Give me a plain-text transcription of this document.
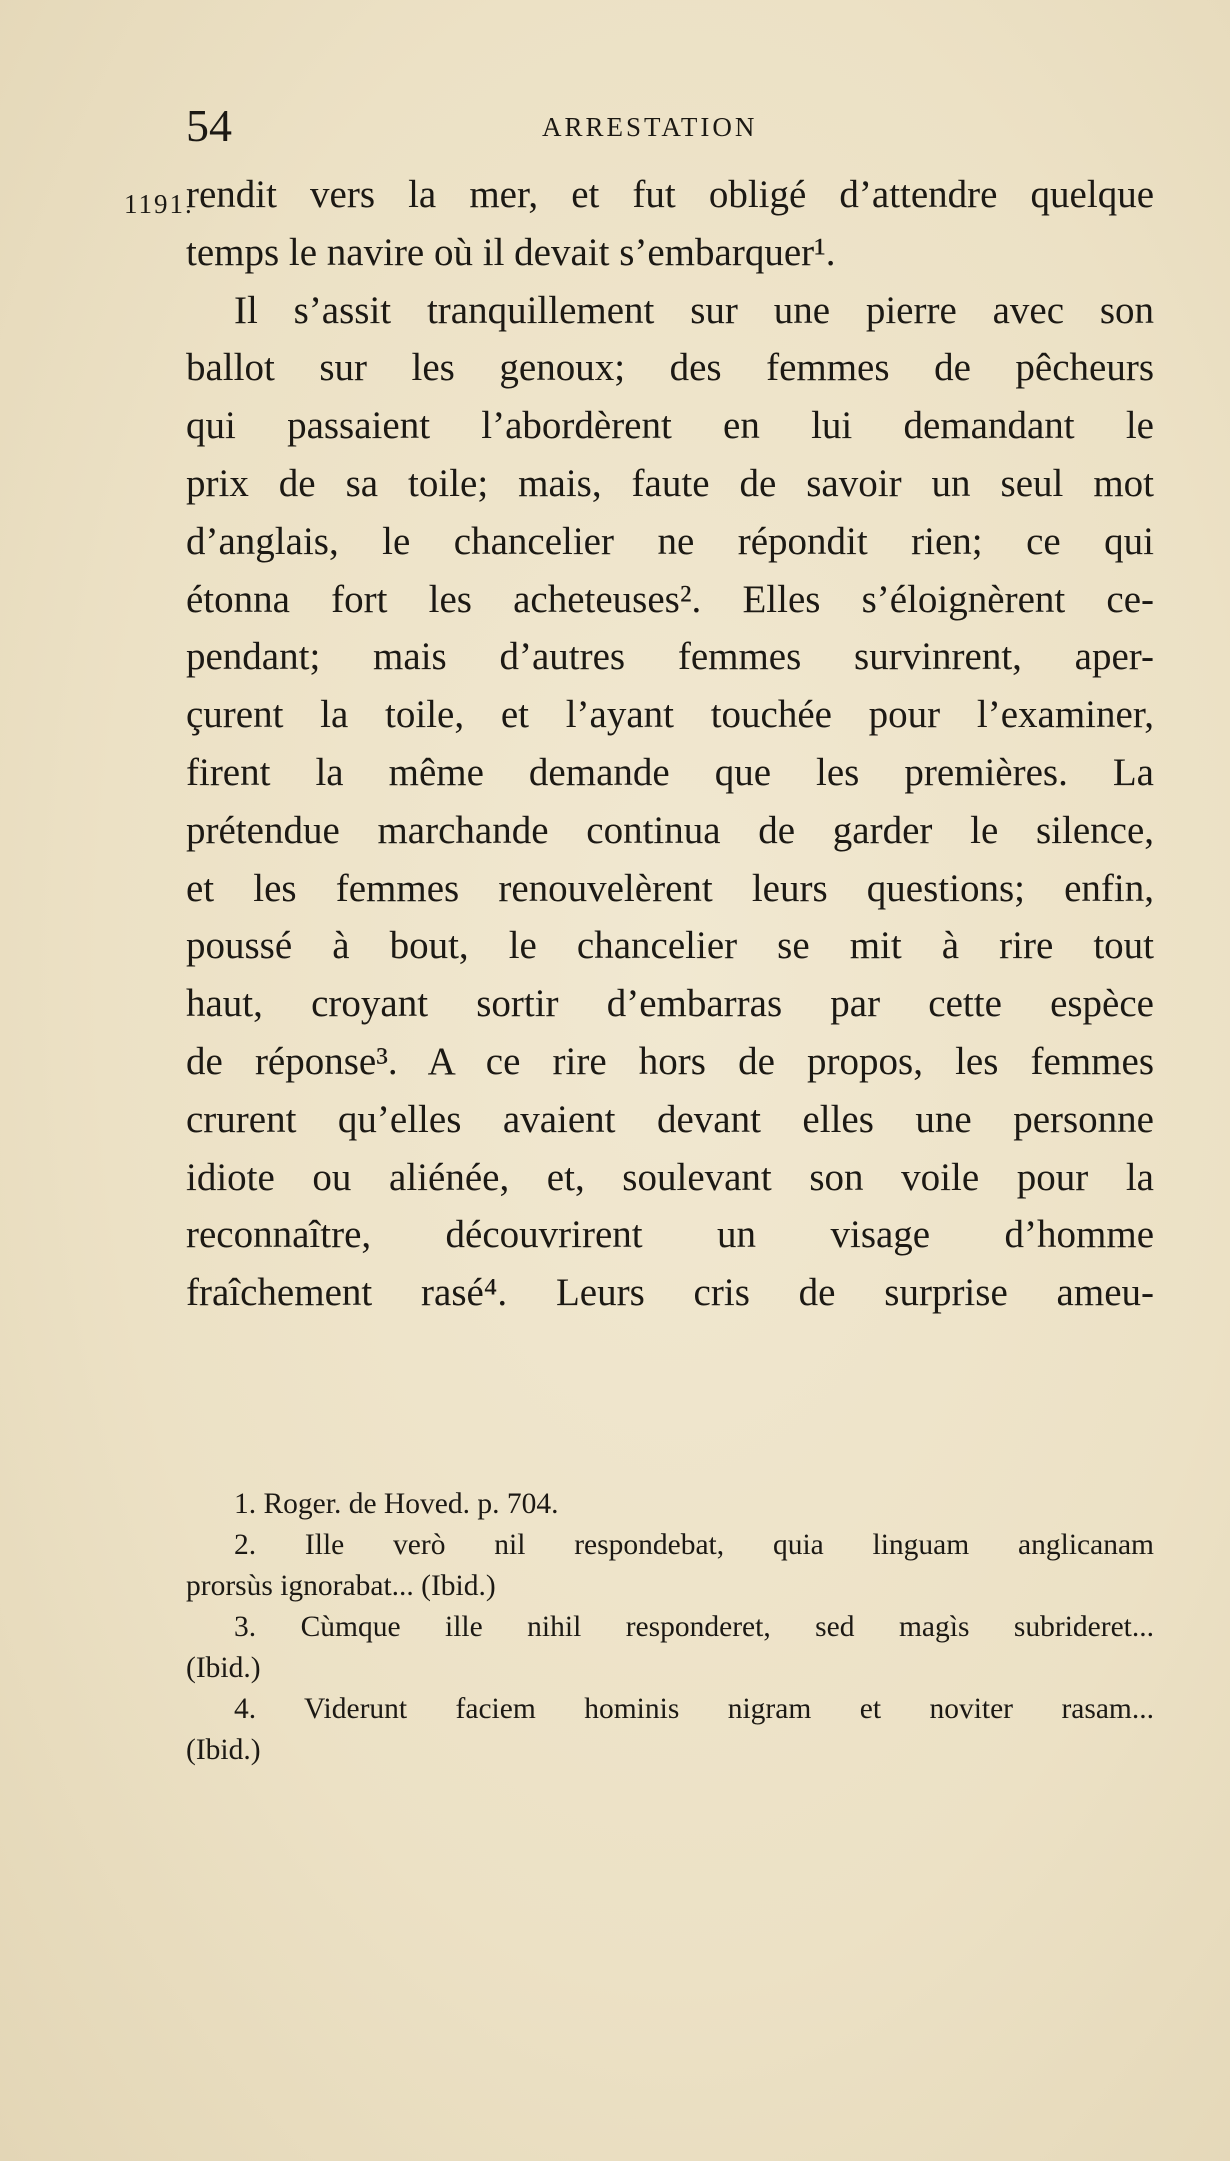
54	ARRESTATION
1191.
rendit vers la mer, et fut obligé d’attendre quelque
temps le navire où il devait s’embarquer¹.
Il s’assit tranquillement sur une pierre avec son
ballot sur les genoux; des femmes de pêcheurs
qui passaient l’abordèrent en lui demandant le
prix de sa toile; mais, faute de savoir un seul mot
d’anglais, le chancelier ne répondit rien; ce qui
étonna fort les acheteuses². Elles s’éloignèrent ce-
pendant; mais d’autres femmes survinrent, aper-
çurent la toile, et l’ayant touchée pour l’examiner,
firent la même demande que les premières. La
prétendue marchande continua de garder le silence,
et les femmes renouvelèrent leurs questions; enfin,
poussé à bout, le chancelier se mit à rire tout
haut, croyant sortir d’embarras par cette espèce
de réponse³. A ce rire hors de propos, les femmes
crurent qu’elles avaient devant elles une personne
idiote ou aliénée, et, soulevant son voile pour la
reconnaître, découvrirent un visage d’homme
fraîchement rasé⁴. Leurs cris de surprise ameu-
1. Roger. de Hoved. p. 704.
2. Ille verò nil respondebat, quia linguam anglicanam
prorsùs ignorabat... (Ibid.)
3. Cùmque ille nihil responderet, sed magìs subrideret...
(Ibid.)
4. Viderunt faciem hominis nigram et noviter rasam...
(Ibid.)
